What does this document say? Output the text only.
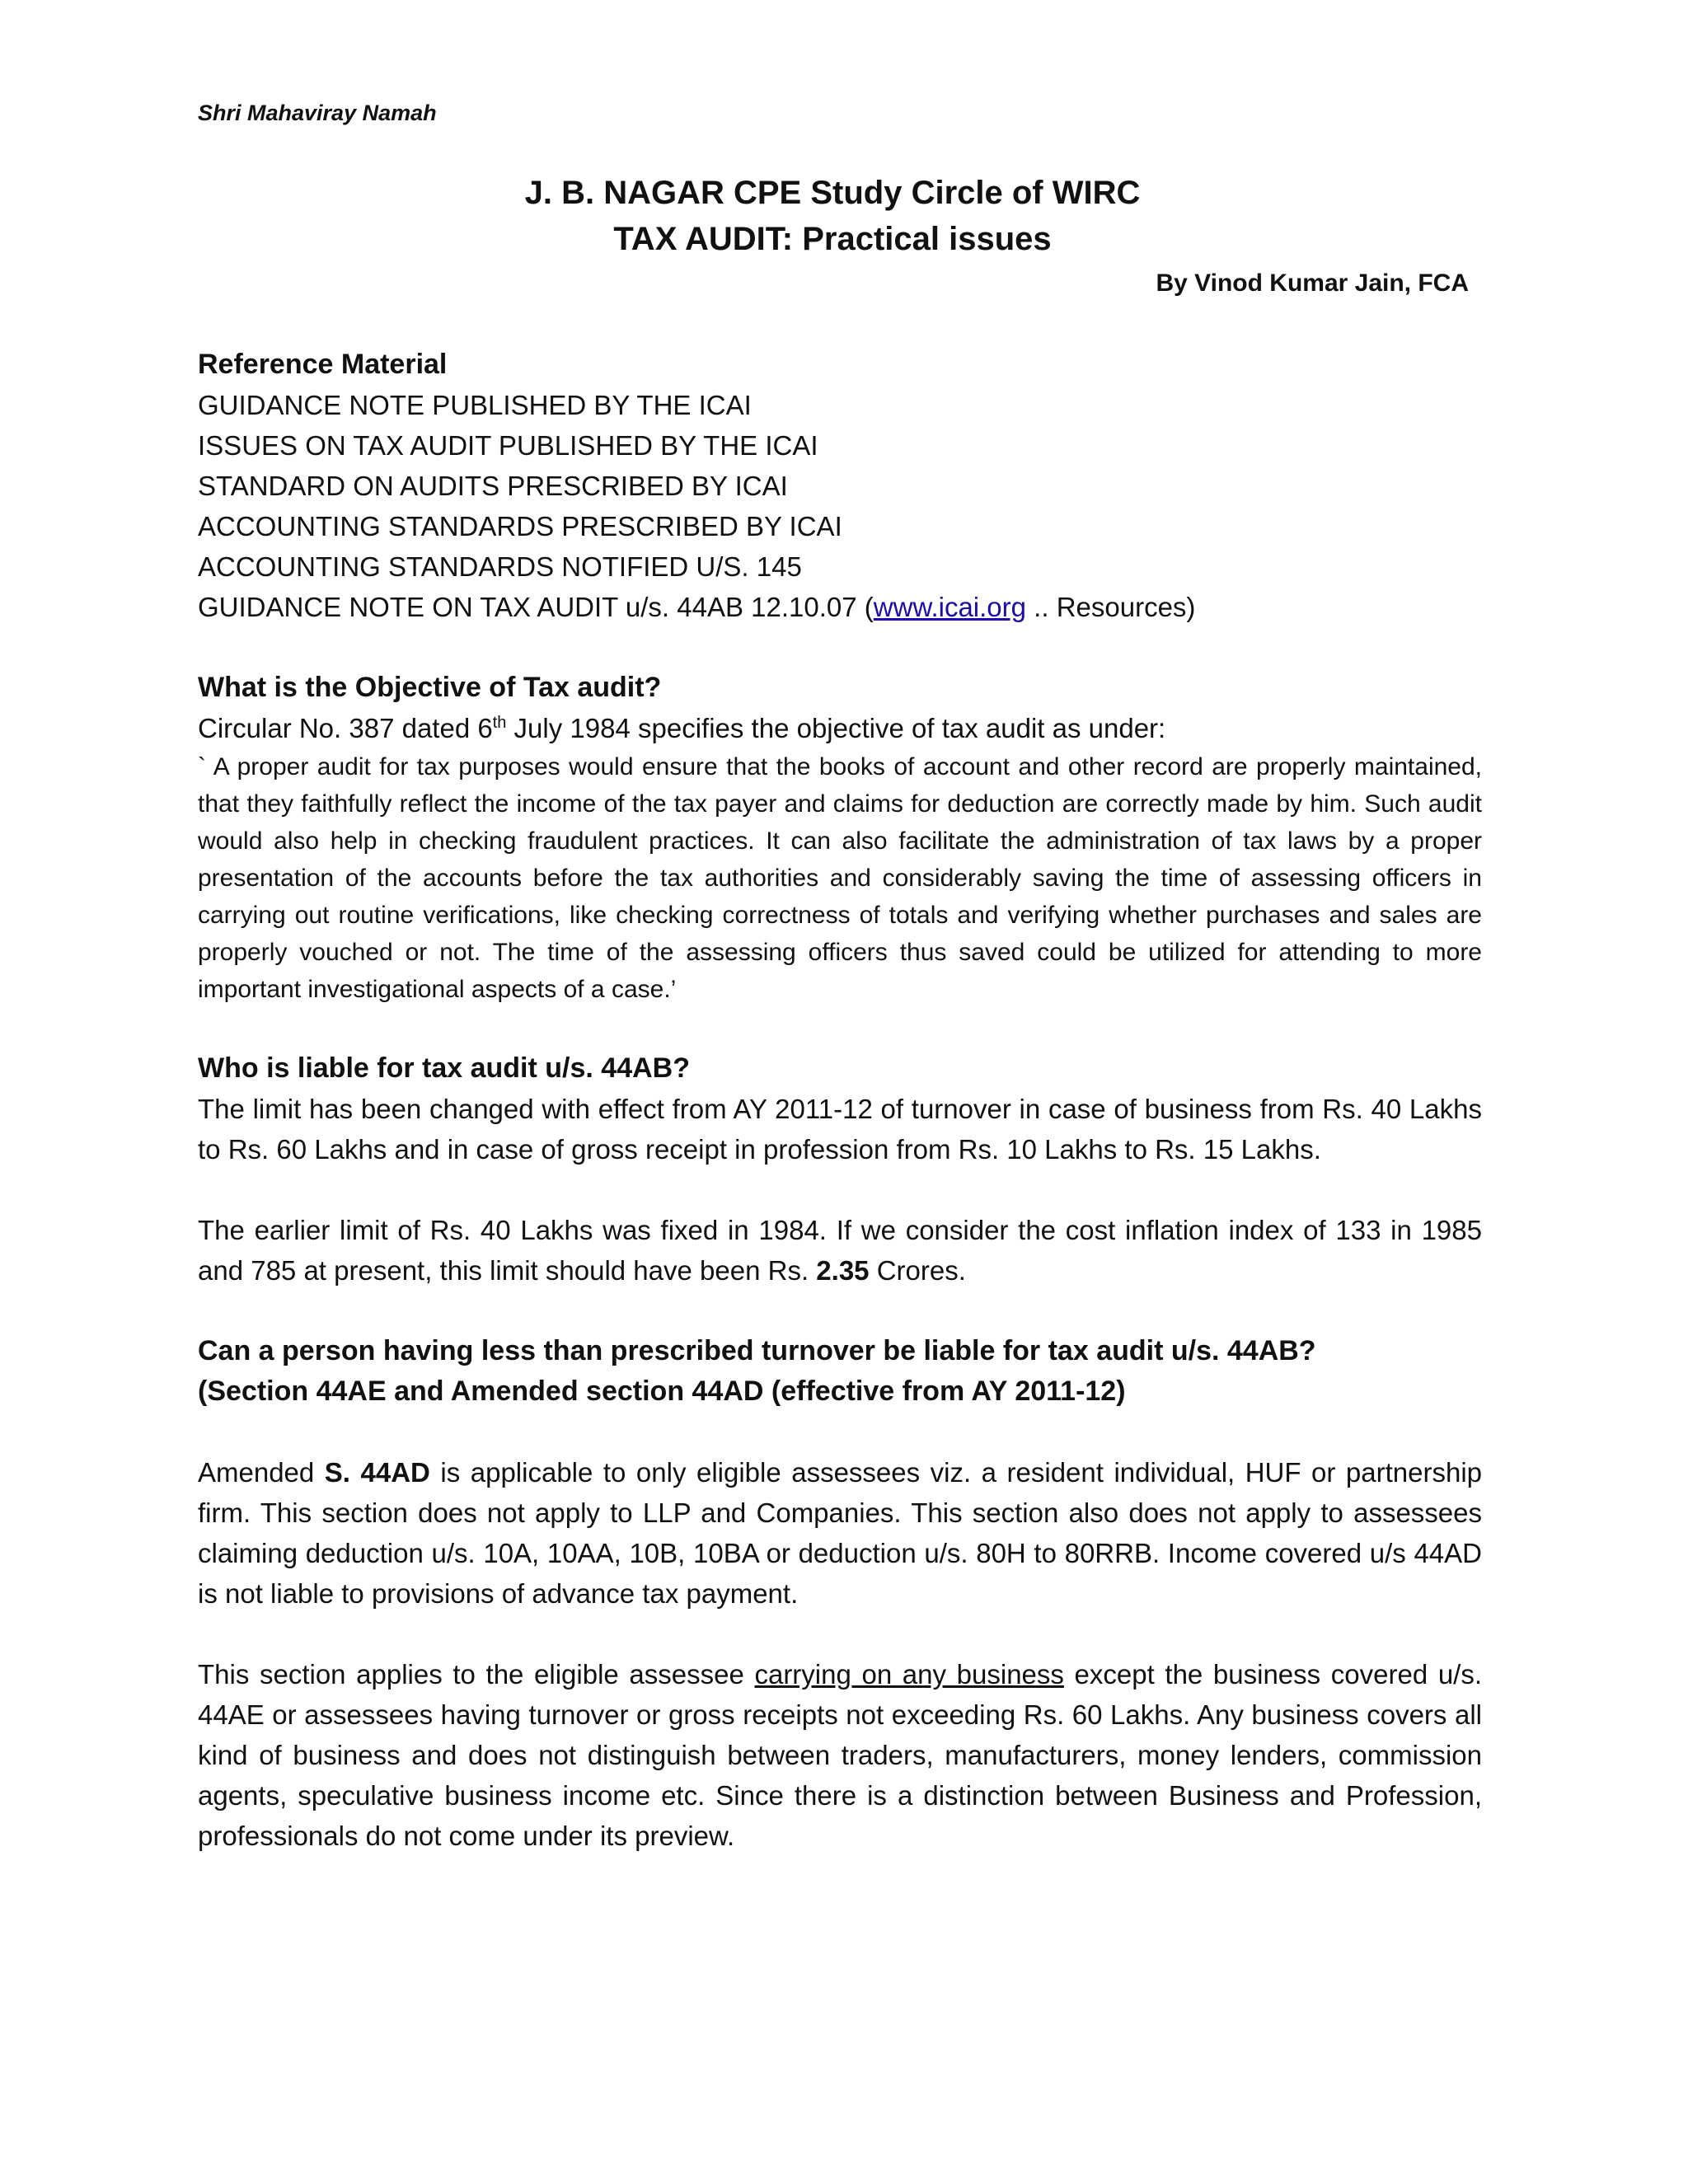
Shri Mahaviray Namah

J. B. NAGAR CPE Study Circle of WIRC
TAX AUDIT: Practical issues

By Vinod Kumar Jain, FCA

Reference Material
GUIDANCE NOTE PUBLISHED BY THE ICAI
ISSUES ON TAX AUDIT PUBLISHED BY THE ICAI
STANDARD ON AUDITS PRESCRIBED BY ICAI
ACCOUNTING STANDARDS PRESCRIBED BY ICAI
ACCOUNTING STANDARDS NOTIFIED U/S. 145
GUIDANCE NOTE ON TAX AUDIT u/s. 44AB 12.10.07 (www.icai.org .. Resources)
What is the Objective of Tax audit?

Circular No. 387 dated 6th July 1984 specifies the objective of tax audit as under:

` A proper audit for tax purposes would ensure that the books of account and other record are properly maintained, that they faithfully reflect the income of the tax payer and claims for deduction are correctly made by him. Such audit would also help in checking fraudulent practices. It can also facilitate the administration of tax laws by a proper presentation of the accounts before the tax authorities and considerably saving the time of assessing officers in carrying out routine verifications, like checking correctness of totals and verifying whether purchases and sales are properly vouched or not. The time of the assessing officers thus saved could be utilized for attending to more important investigational aspects of a case.’

Who is liable for tax audit u/s. 44AB?

The limit has been changed with effect from AY 2011-12 of turnover in case of business from Rs. 40 Lakhs to Rs. 60 Lakhs and in case of gross receipt in profession from Rs. 10 Lakhs to Rs. 15 Lakhs.

The earlier limit of Rs. 40 Lakhs was fixed in 1984. If we consider the cost inflation index of 133 in 1985 and 785 at present, this limit should have been Rs. 2.35 Crores.

Can a person having less than prescribed turnover be liable for tax audit u/s. 44AB?
(Section 44AE and Amended section 44AD (effective from AY 2011-12)

Amended S. 44AD is applicable to only eligible assessees viz. a resident individual, HUF or partnership firm. This section does not apply to LLP and Companies. This section also does not apply to assessees claiming deduction u/s. 10A, 10AA, 10B, 10BA or deduction u/s. 80H to 80RRB. Income covered u/s 44AD is not liable to provisions of advance tax payment.

This section applies to the eligible assessee carrying on any business except the business covered u/s. 44AE or assessees having turnover or gross receipts not exceeding Rs. 60 Lakhs. Any business covers all kind of business and does not distinguish between traders, manufacturers, money lenders, commission agents, speculative business income etc. Since there is a distinction between Business and Profession, professionals do not come under its preview.
